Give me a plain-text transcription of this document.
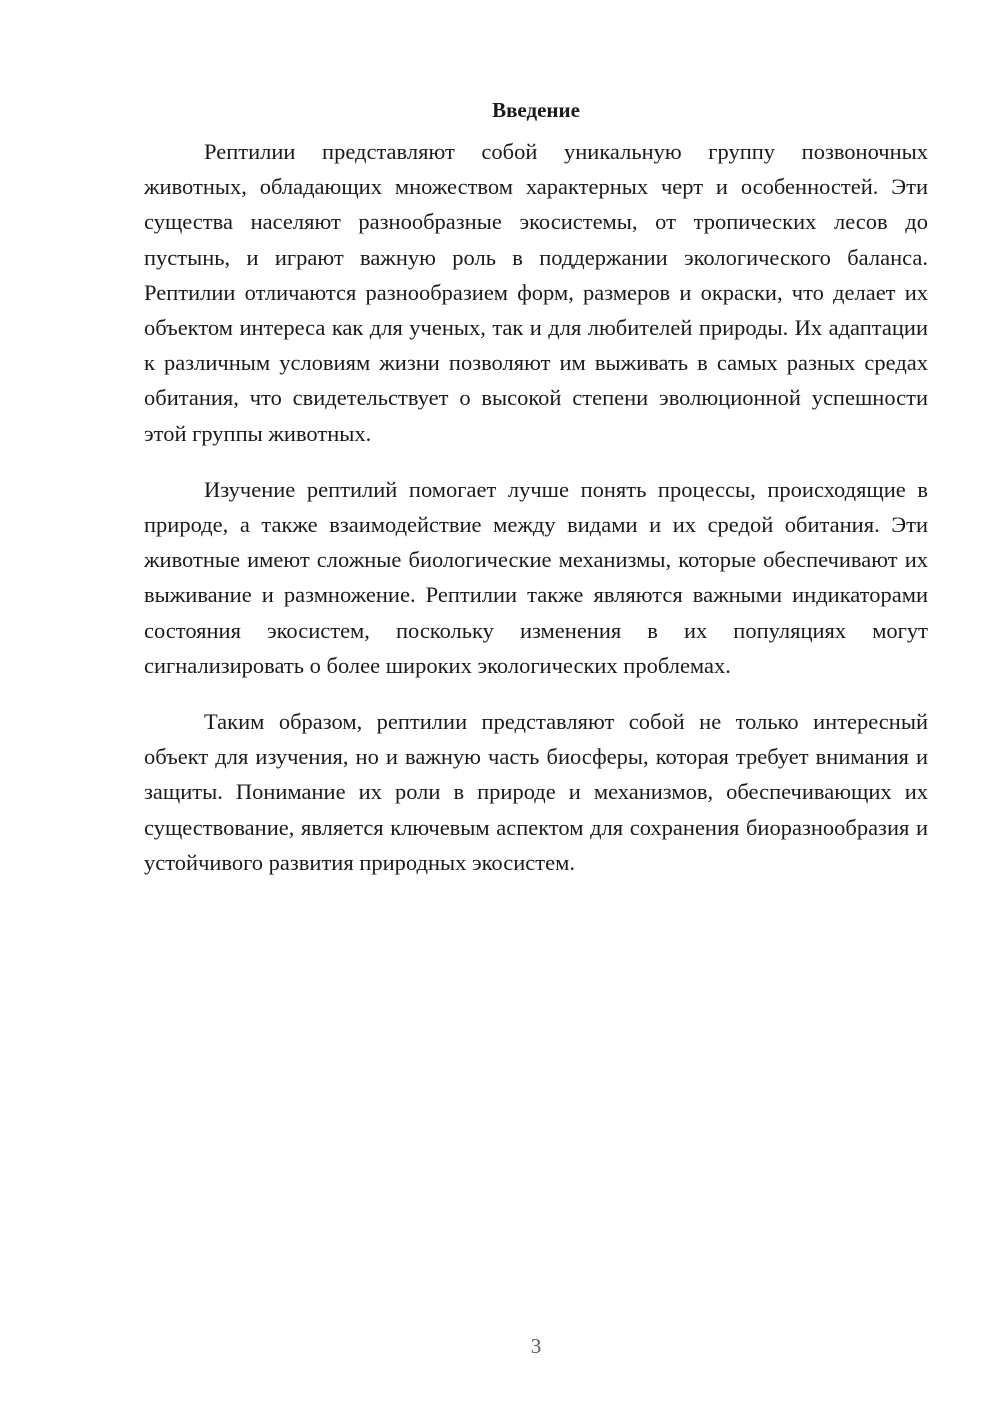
Введение

Рептилии представляют собой уникальную группу позвоночных животных, обладающих множеством характерных черт и особенностей. Эти существа населяют разнообразные экосистемы, от тропических лесов до пустынь, и играют важную роль в поддержании экологического баланса. Рептилии отличаются разнообразием форм, размеров и окраски, что делает их объектом интереса как для ученых, так и для любителей природы. Их адаптации к различным условиям жизни позволяют им выживать в самых разных средах обитания, что свидетельствует о высокой степени эволюционной успешности этой группы животных.

Изучение рептилий помогает лучше понять процессы, происходящие в природе, а также взаимодействие между видами и их средой обитания. Эти животные имеют сложные биологические механизмы, которые обеспечивают их выживание и размножение. Рептилии также являются важными индикаторами состояния экосистем, поскольку изменения в их популяциях могут сигнализировать о более широких экологических проблемах.

Таким образом, рептилии представляют собой не только интересный объект для изучения, но и важную часть биосферы, которая требует внимания и защиты. Понимание их роли в природе и механизмов, обеспечивающих их существование, является ключевым аспектом для сохранения биоразнообразия и устойчивого развития природных экосистем.

3
